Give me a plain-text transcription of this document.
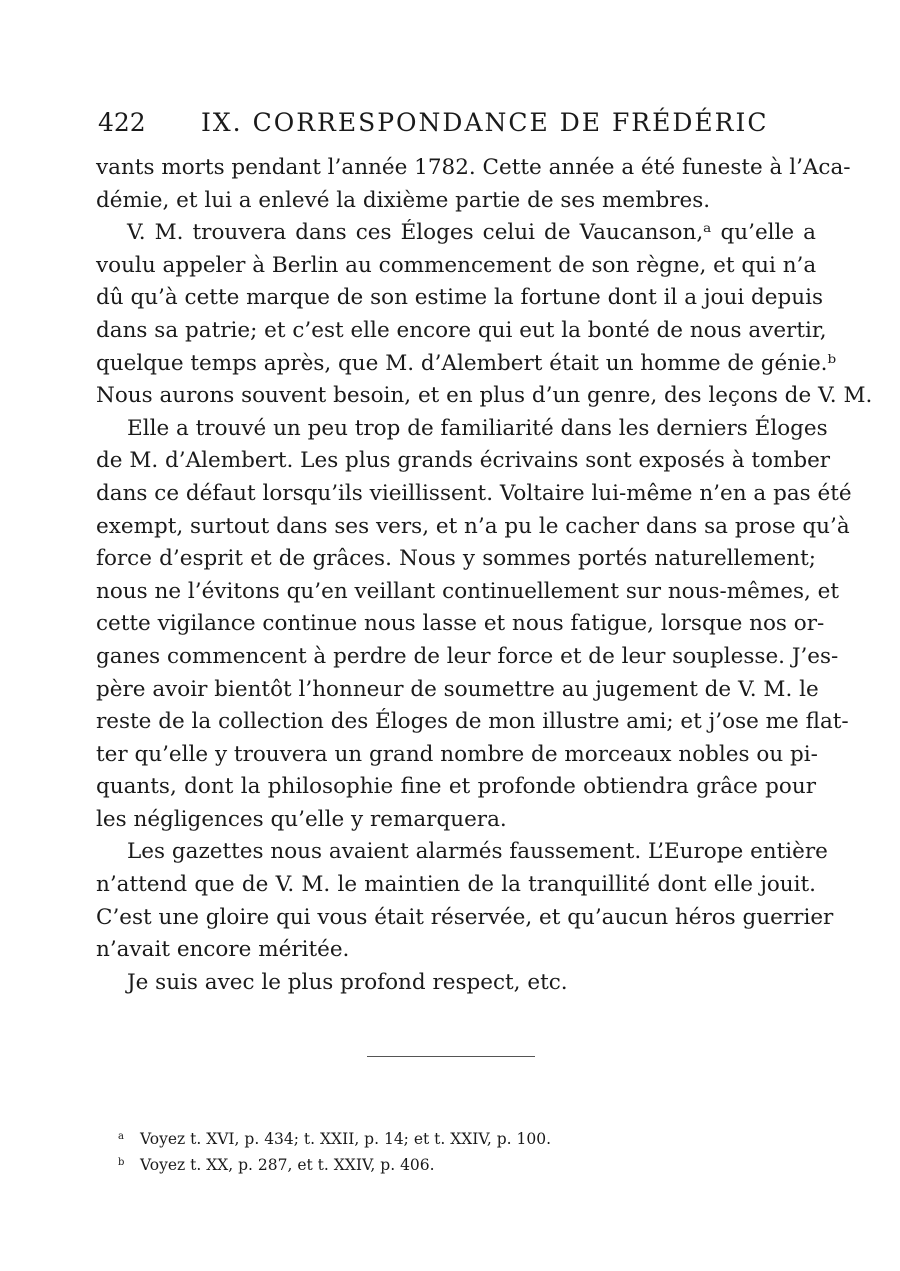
422 IX. CORRESPONDANCE DE FRÉDÉRIC

vants morts pendant l’année 1782. Cette année a été funeste à l’Aca-
démie, et lui a enlevé la dixième partie de ses membres.

V. M. trouvera dans ces Éloges celui de Vaucanson,ᵃ qu’elle a
voulu appeler à Berlin au commencement de son règne, et qui n’a
dû qu’à cette marque de son estime la fortune dont il a joui depuis
dans sa patrie; et c’est elle encore qui eut la bonté de nous avertir,
quelque temps après, que M. d’Alembert était un homme de génie.ᵇ
Nous aurons souvent besoin, et en plus d’un genre, des leçons de V. M.

Elle a trouvé un peu trop de familiarité dans les derniers Éloges
de M. d’Alembert. Les plus grands écrivains sont exposés à tomber
dans ce défaut lorsqu’ils vieillissent. Voltaire lui-même n’en a pas été
exempt, surtout dans ses vers, et n’a pu le cacher dans sa prose qu’à
force d’esprit et de grâces. Nous y sommes portés naturellement;
nous ne l’évitons qu’en veillant continuellement sur nous-mêmes, et
cette vigilance continue nous lasse et nous fatigue, lorsque nos or-
ganes commencent à perdre de leur force et de leur souplesse. J’es-
père avoir bientôt l’honneur de soumettre au jugement de V. M. le
reste de la collection des Éloges de mon illustre ami; et j’ose me flat-
ter qu’elle y trouvera un grand nombre de morceaux nobles ou pi-
quants, dont la philosophie fine et profonde obtiendra grâce pour
les négligences qu’elle y remarquera.

Les gazettes nous avaient alarmés faussement. L’Europe entière
n’attend que de V. M. le maintien de la tranquillité dont elle jouit.
C’est une gloire qui vous était réservée, et qu’aucun héros guerrier
n’avait encore méritée.

Je suis avec le plus profond respect, etc.

a Voyez t. XVI, p. 434; t. XXII, p. 14; et t. XXIV, p. 100.
b Voyez t. XX, p. 287, et t. XXIV, p. 406.
